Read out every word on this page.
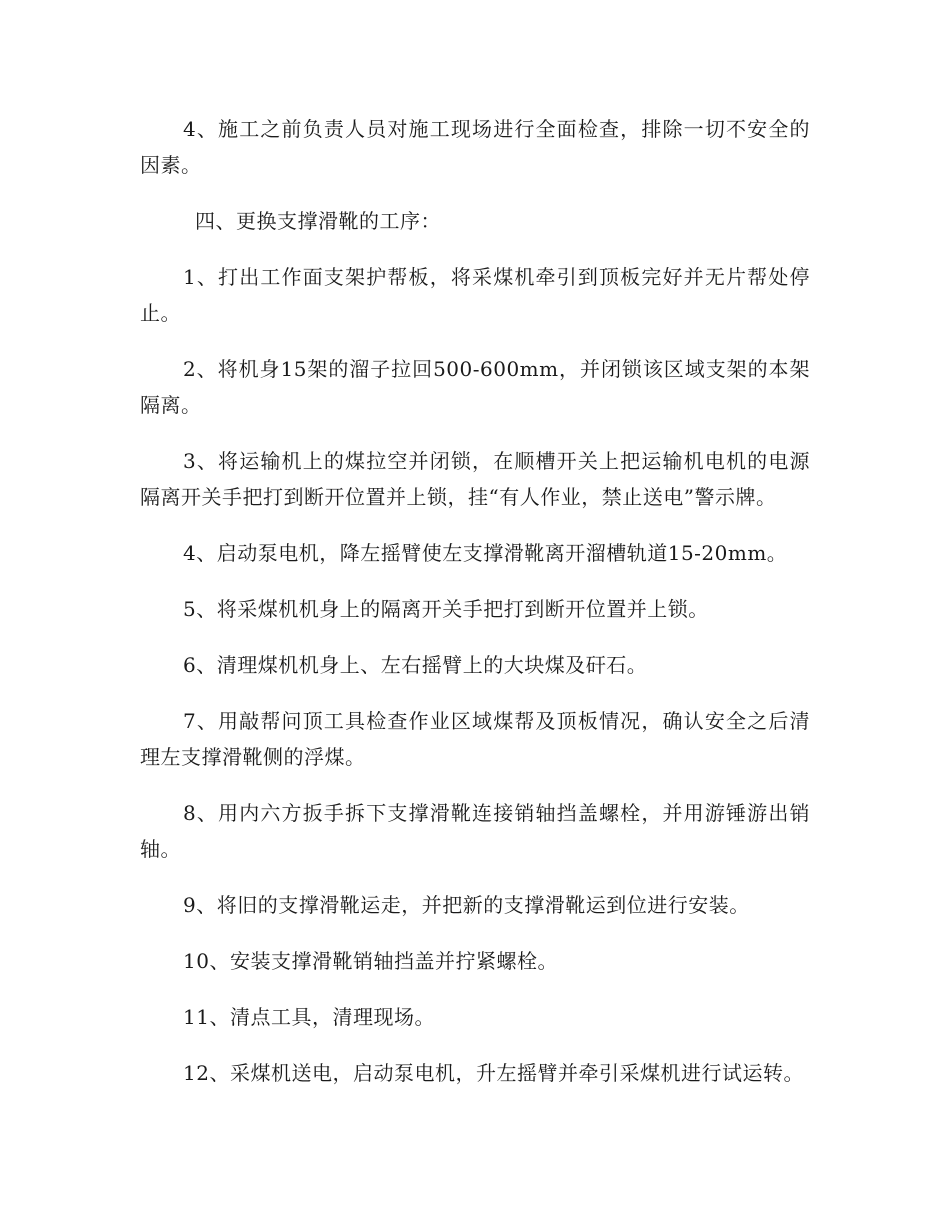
4、施工之前负责人员对施工现场进行全面检查，排除一切不安全的因素。

四、更换支撑滑靴的工序：

1、打出工作面支架护帮板，将采煤机牵引到顶板完好并无片帮处停止。

2、将机身15架的溜子拉回500-600mm，并闭锁该区域支架的本架隔离。

3、将运输机上的煤拉空并闭锁，在顺槽开关上把运输机电机的电源隔离开关手把打到断开位置并上锁，挂“有人作业，禁止送电”警示牌。

4、启动泵电机，降左摇臂使左支撑滑靴离开溜槽轨道15-20mm。

5、将采煤机机身上的隔离开关手把打到断开位置并上锁。

6、清理煤机机身上、左右摇臂上的大块煤及矸石。

7、用敲帮问顶工具检查作业区域煤帮及顶板情况，确认安全之后清理左支撑滑靴侧的浮煤。

8、用内六方扳手拆下支撑滑靴连接销轴挡盖螺栓，并用游锤游出销轴。

9、将旧的支撑滑靴运走，并把新的支撑滑靴运到位进行安装。

10、安装支撑滑靴销轴挡盖并拧紧螺栓。

11、清点工具，清理现场。

12、采煤机送电，启动泵电机，升左摇臂并牵引采煤机进行试运转。
